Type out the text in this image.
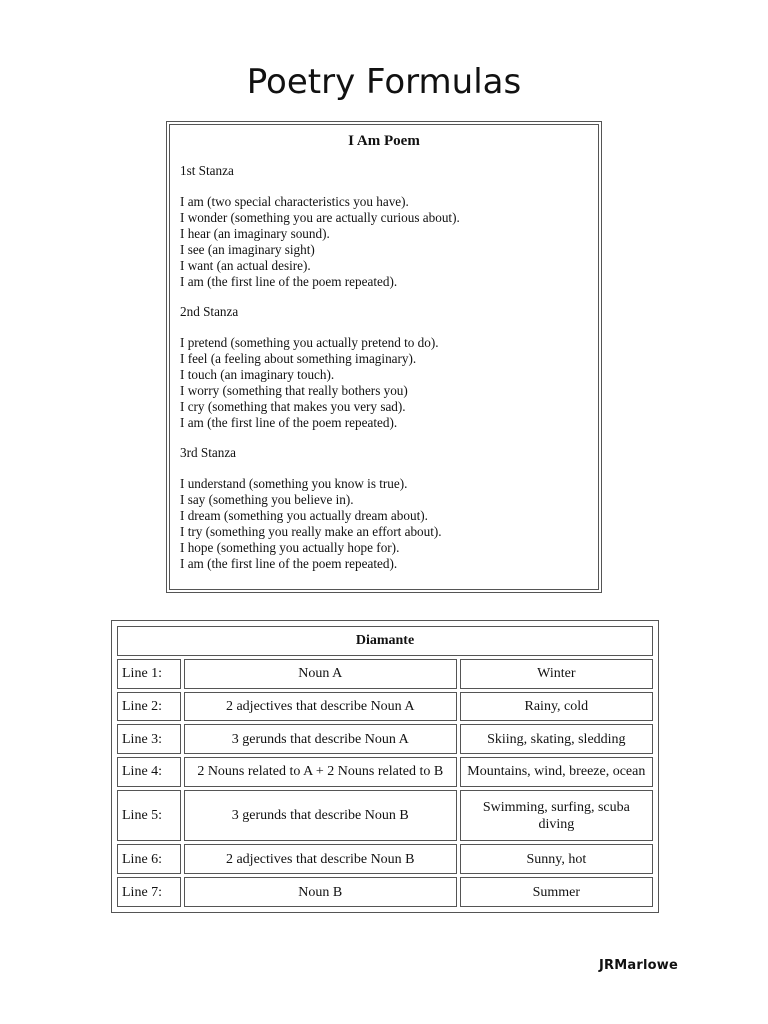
Poetry Formulas
I Am Poem
1st Stanza
I am (two special characteristics you have).
I wonder (something you are actually curious about).
I hear (an imaginary sound).
I see (an imaginary sight)
I want (an actual desire).
I am (the first line of the poem repeated).
2nd Stanza
I pretend (something you actually pretend to do).
I feel (a feeling about something imaginary).
I touch (an imaginary touch).
I worry (something that really bothers you)
I cry (something that makes you very sad).
I am (the first line of the poem repeated).
3rd Stanza
I understand (something you know is true).
I say (something you believe in).
I dream (something you actually dream about).
I try (something you really make an effort about).
I hope (something you actually hope for).
I am (the first line of the poem repeated).
Diamante		
Line 1:	Noun A	Winter
Line 2:	2 adjectives that describe Noun A	Rainy, cold
Line 3:	3 gerunds that describe Noun A	Skiing, skating, sledding
Line 4:	2 Nouns related to A + 2 Nouns related to B	Mountains, wind, breeze, ocean
Line 5:	3 gerunds that describe Noun B	Swimming, surfing, scuba diving
Line 6:	2 adjectives that describe Noun B	Sunny, hot
Line 7:	Noun B	Summer
JRMarlowe
